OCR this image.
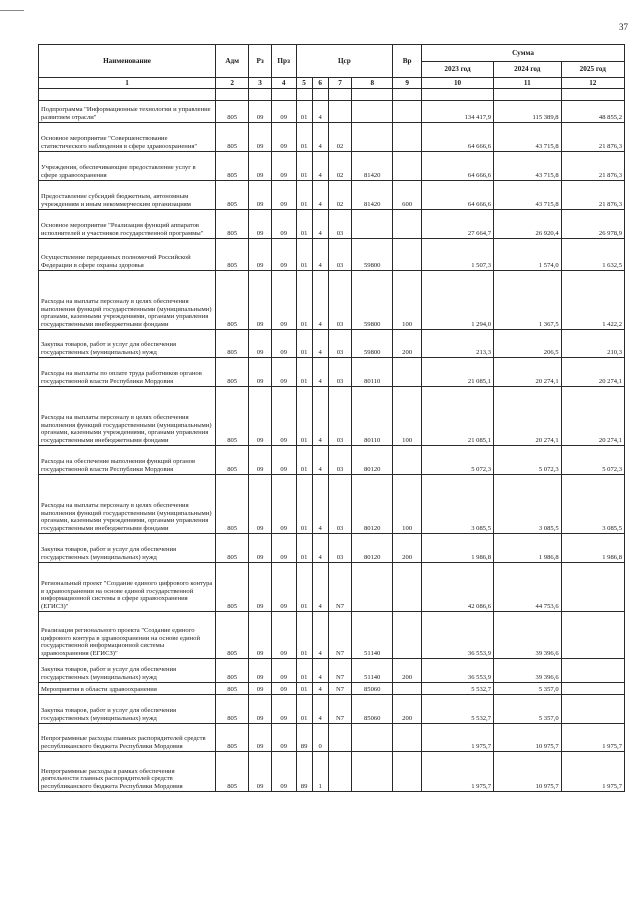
37
Наименование	Адм	Рз	Прз	Цср				Вр	Сумма		
									2023 год	2024 год	2025 год
1	2	3	4	5	6	7	8	9	10	11	12

Подпрограмма "Информационные технологии и управление развитием отрасли"	805	09	09	01	4				134 417,9	115 389,8	48 855,2
Основное мероприятие "Совершенствование статистического наблюдения в сфере здравоохранения"	805	09	09	01	4	02			64 666,6	43 715,8	21 876,3
Учреждения, обеспечивающие предоставление услуг в сфере здравоохранения	805	09	09	01	4	02	81420		64 666,6	43 715,8	21 876,3
Предоставление субсидий бюджетным, автономным учреждениям и иным некоммерческим организациям	805	09	09	01	4	02	81420	600	64 666,6	43 715,8	21 876,3
Основное мероприятие "Реализация функций аппаратов исполнителей и участников государственной программы"	805	09	09	01	4	03			27 664,7	26 920,4	26 978,9
Осуществление переданных полномочий Российской Федерации в сфере охраны здоровья	805	09	09	01	4	03	59800		1 507,3	1 574,0	1 632,5
Расходы на выплаты персоналу в целях обеспечения выполнения функций государственными (муниципальными) органами, казенными учреждениями, органами управления государственными внебюджетными фондами	805	09	09	01	4	03	59800	100	1 294,0	1 367,5	1 422,2
Закупка товаров, работ и услуг для обеспечения государственных (муниципальных) нужд	805	09	09	01	4	03	59800	200	213,3	206,5	210,3
Расходы на выплаты по оплате труда работников органов государственной власти Республики Мордовия	805	09	09	01	4	03	80110		21 085,1	20 274,1	20 274,1
Расходы на выплаты персоналу в целях обеспечения выполнения функций государственными (муниципальными) органами, казенными учреждениями, органами управления государственными внебюджетными фондами	805	09	09	01	4	03	80110	100	21 085,1	20 274,1	20 274,1
Расходы на обеспечение выполнения функций органов государственной власти Республики Мордовия	805	09	09	01	4	03	80120		5 072,3	5 072,3	5 072,3
Расходы на выплаты персоналу в целях обеспечения выполнения функций государственными (муниципальными) органами, казенными учреждениями, органами управления государственными внебюджетными фондами	805	09	09	01	4	03	80120	100	3 085,5	3 085,5	3 085,5
Закупка товаров, работ и услуг для обеспечения государственных (муниципальных) нужд	805	09	09	01	4	03	80120	200	1 986,8	1 986,8	1 986,8
Региональный проект "Создание единого цифрового контура в здравоохранении на основе единой государственной информационной системы в сфере здравоохранения (ЕГИСЗ)"	805	09	09	01	4	N7			42 086,6	44 753,6	
Реализация регионального проекта "Создание единого цифрового контура в здравоохранении на основе единой государственной информационной системы здравоохранения (ЕГИСЗ)"	805	09	09	01	4	N7	51140		36 553,9	39 396,6	
Закупка товаров, работ и услуг для обеспечения государственных (муниципальных) нужд	805	09	09	01	4	N7	51140	200	36 553,9	39 396,6	
Мероприятия в области здравоохранения	805	09	09	01	4	N7	85060		5 532,7	5 357,0	
Закупка товаров, работ и услуг для обеспечения государственных (муниципальных) нужд	805	09	09	01	4	N7	85060	200	5 532,7	5 357,0	
Непрограммные расходы главных распорядителей средств республиканского бюджета Республики Мордовия	805	09	09	89	0				1 975,7	10 975,7	1 975,7
Непрограммные расходы в рамках обеспечения деятельности главных распорядителей средств республиканского бюджета Республики Мордовия	805	09	09	89	1				1 975,7	10 975,7	1 975,7
